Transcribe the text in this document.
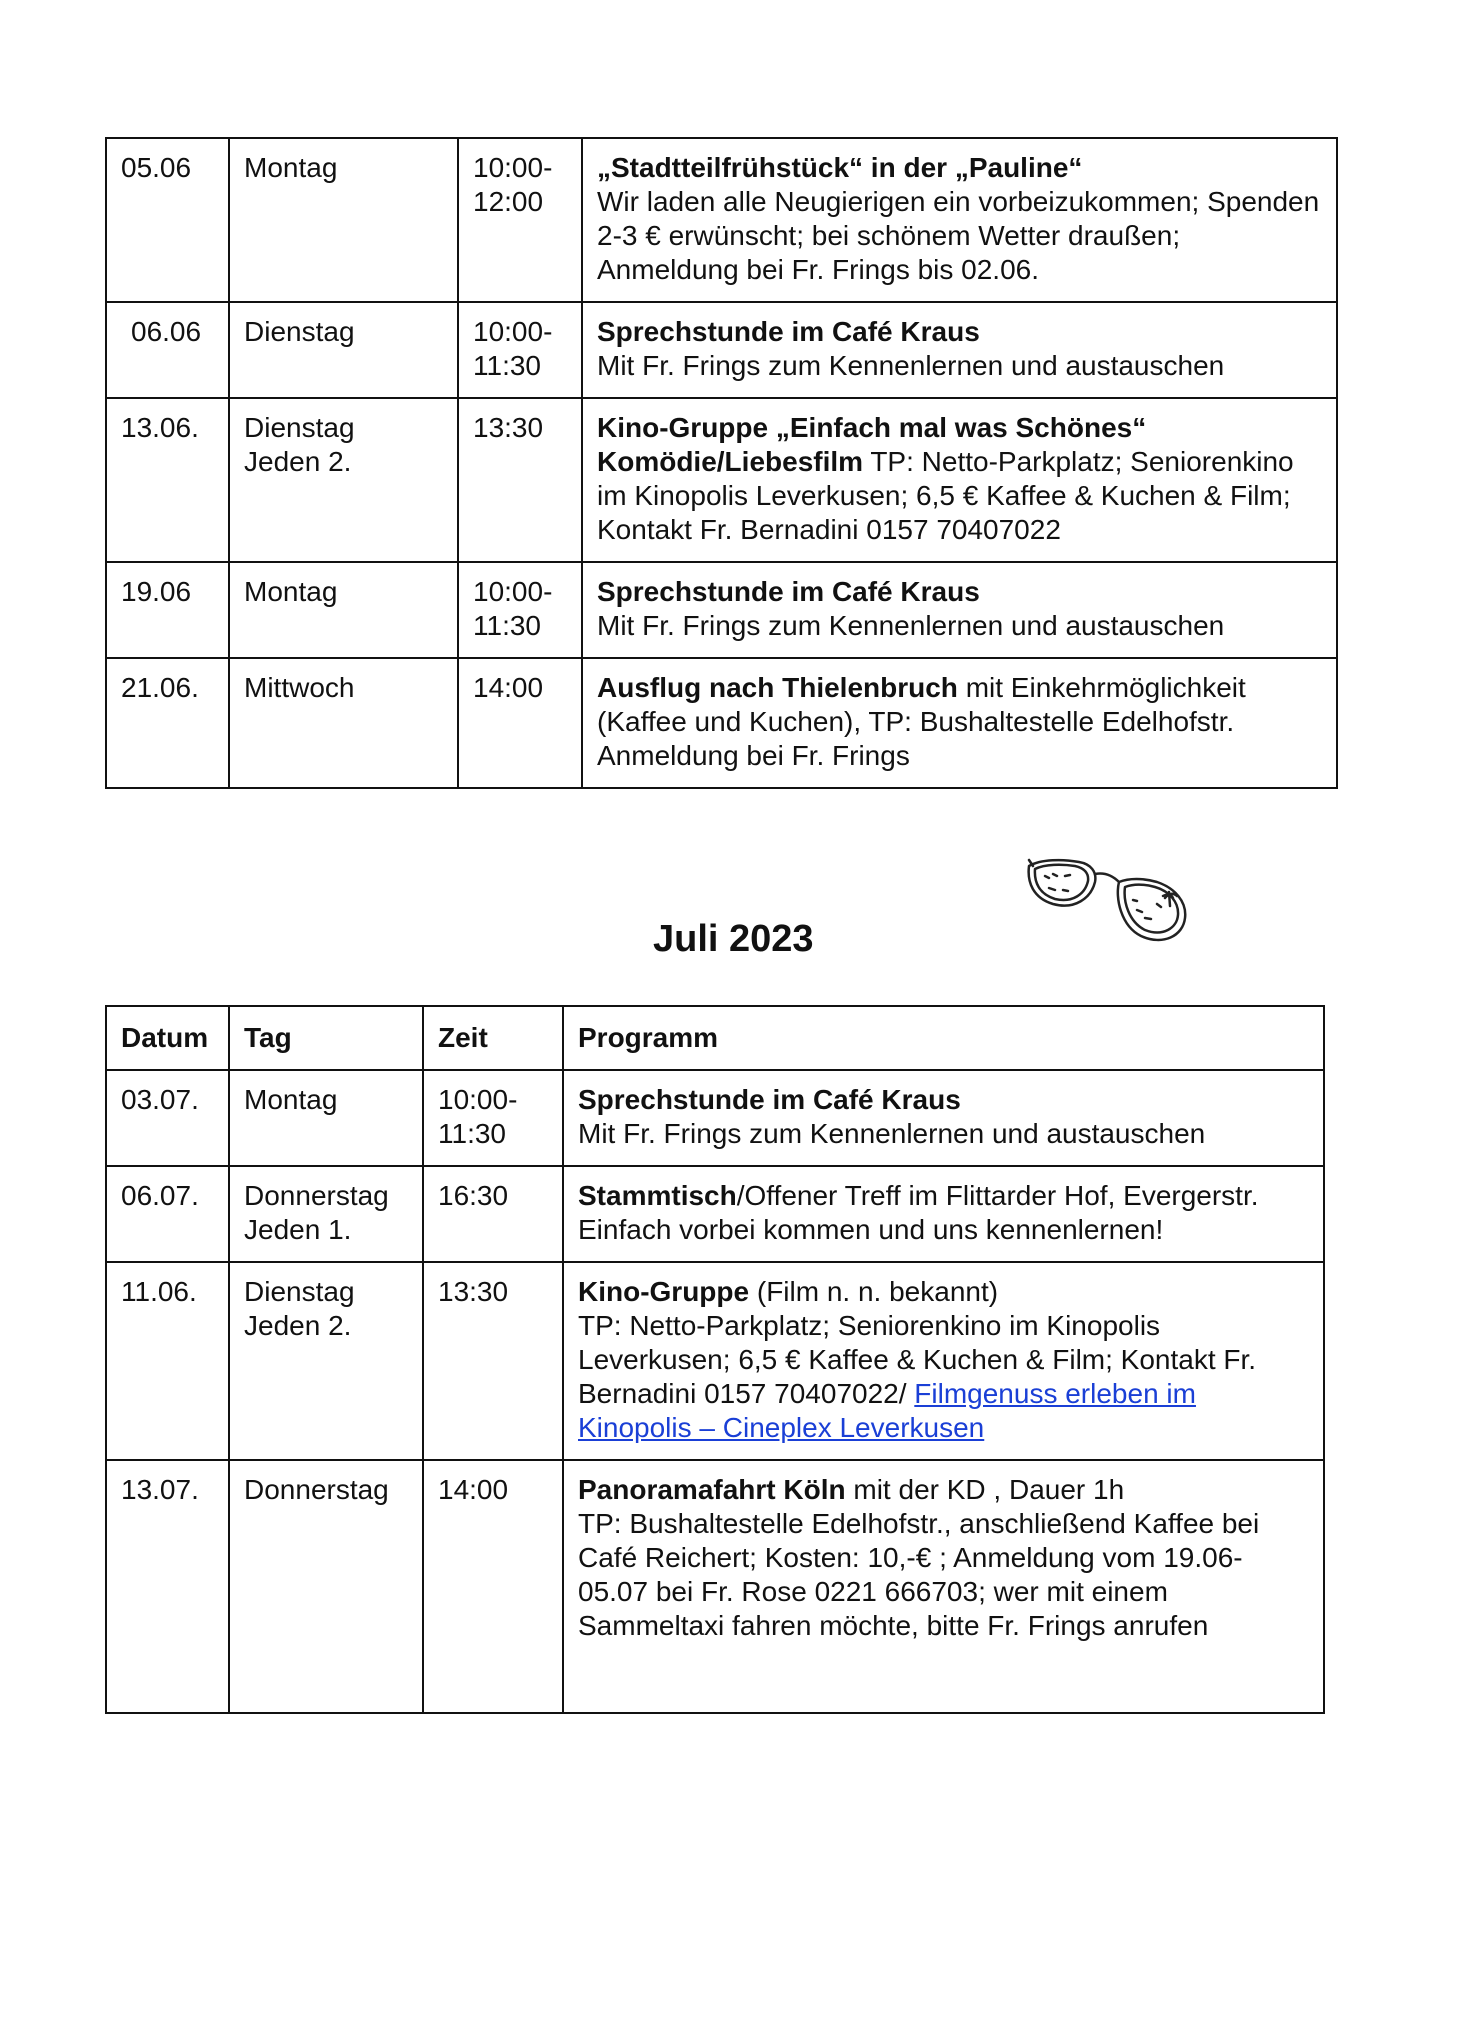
05.06	Montag	10:00-
12:00	„Stadtteilfrühstück“ in der „Pauline“
Wir laden alle Neugierigen ein vorbeizukommen; Spenden 2-3 € erwünscht; bei schönem Wetter draußen; Anmeldung bei Fr. Frings bis 02.06.
06.06	Dienstag	10:00-
11:30	Sprechstunde im Café Kraus
Mit Fr. Frings zum Kennenlernen und austauschen
13.06.	Dienstag
Jeden 2.	13:30	Kino-Gruppe „Einfach mal was Schönes“
Komödie/Liebesfilm TP: Netto-Parkplatz; Seniorenkino im Kinopolis Leverkusen; 6,5 € Kaffee & Kuchen & Film; Kontakt Fr. Bernadini 0157 70407022
19.06	Montag	10:00-
11:30	Sprechstunde im Café Kraus
Mit Fr. Frings zum Kennenlernen und austauschen
21.06.	Mittwoch	14:00	Ausflug nach Thielenbruch mit Einkehrmöglichkeit (Kaffee und Kuchen), TP: Bushaltestelle Edelhofstr. Anmeldung bei Fr. Frings
Juli 2023
Datum	Tag	Zeit	Programm
03.07.	Montag	10:00-
11:30	Sprechstunde im Café Kraus
Mit Fr. Frings zum Kennenlernen und austauschen
06.07.	Donnerstag
Jeden 1.	16:30	Stammtisch/Offener Treff im Flittarder Hof, Evergerstr. Einfach vorbei kommen und uns kennenlernen!
11.06.	Dienstag
Jeden 2.	13:30	Kino-Gruppe (Film n. n. bekannt)
TP: Netto-Parkplatz; Seniorenkino im Kinopolis Leverkusen; 6,5 € Kaffee & Kuchen & Film; Kontakt Fr. Bernadini 0157 70407022/ Filmgenuss erleben im Kinopolis – Cineplex Leverkusen
13.07.	Donnerstag	14:00	Panoramafahrt Köln mit der KD , Dauer 1h
TP: Bushaltestelle Edelhofstr., anschließend Kaffee bei Café Reichert; Kosten: 10,-€ ; Anmeldung vom 19.06-05.07 bei Fr. Rose 0221 666703; wer mit einem Sammeltaxi fahren möchte, bitte Fr. Frings anrufen
